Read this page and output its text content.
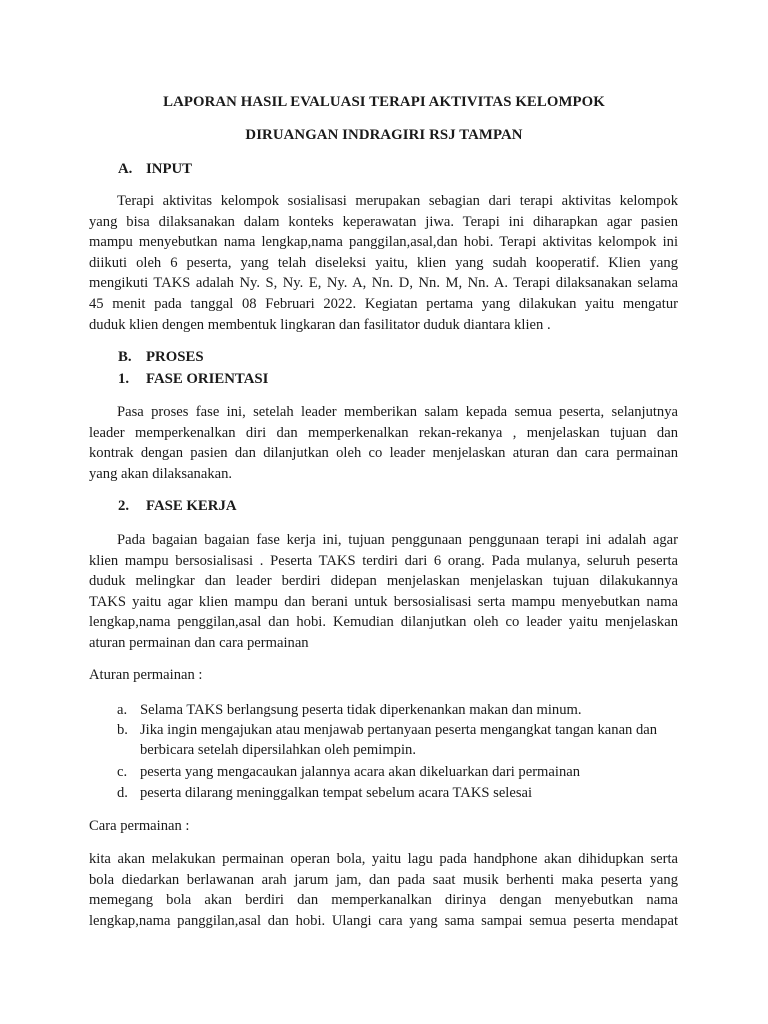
LAPORAN HASIL EVALUASI TERAPI AKTIVITAS KELOMPOK

DIRUANGAN INDRAGIRI RSJ TAMPAN

A. INPUT

Terapi aktivitas kelompok sosialisasi merupakan sebagian dari terapi aktivitas kelompok
yang bisa dilaksanakan dalam konteks keperawatan jiwa. Terapi ini diharapkan agar pasien
mampu menyebutkan nama lengkap,nama panggilan,asal,dan hobi. Terapi aktivitas kelompok ini
diikuti oleh 6 peserta, yang telah diseleksi yaitu, klien yang sudah kooperatif. Klien yang
mengikuti TAKS adalah Ny. S, Ny. E, Ny. A, Nn. D, Nn. M, Nn. A. Terapi dilaksanakan selama
45 menit pada tanggal 08 Februari 2022. Kegiatan pertama yang dilakukan yaitu mengatur
duduk klien dengen membentuk lingkaran dan fasilitator duduk diantara klien .

B. PROSES

1. FASE ORIENTASI

Pasa proses fase ini, setelah leader memberikan salam kepada semua peserta, selanjutnya
leader memperkenalkan diri dan memperkenalkan rekan-rekanya , menjelaskan tujuan dan
kontrak dengan pasien dan dilanjutkan oleh co leader menjelaskan aturan dan cara permainan
yang akan dilaksanakan.

2. FASE KERJA

Pada bagaian bagaian fase kerja ini, tujuan penggunaan penggunaan terapi ini adalah agar
klien mampu bersosialisasi . Peserta TAKS terdiri dari 6 orang. Pada mulanya, seluruh peserta
duduk melingkar dan leader berdiri didepan menjelaskan menjelaskan tujuan dilakukannya
TAKS yaitu agar klien mampu dan berani untuk bersosialisasi serta mampu menyebutkan nama
lengkap,nama penggilan,asal dan hobi. Kemudian dilanjutkan oleh co leader yaitu menjelaskan
aturan permainan dan cara permainan

Aturan permainan :

a. Selama TAKS berlangsung peserta tidak diperkenankan makan dan minum.

b. Jika ingin mengajukan atau menjawab pertanyaan peserta mengangkat tangan kanan dan

berbicara setelah dipersilahkan oleh pemimpin.

c. peserta yang mengacaukan jalannya acara akan dikeluarkan dari permainan

d. peserta dilarang meninggalkan tempat sebelum acara TAKS selesai

Cara permainan :

kita akan melakukan permainan operan bola, yaitu lagu pada handphone akan dihidupkan serta
bola diedarkan berlawanan arah jarum jam, dan pada saat musik berhenti maka peserta yang
memegang bola akan berdiri dan memperkanalkan dirinya dengan menyebutkan nama
lengkap,nama panggilan,asal dan hobi. Ulangi cara yang sama sampai semua peserta mendapat
